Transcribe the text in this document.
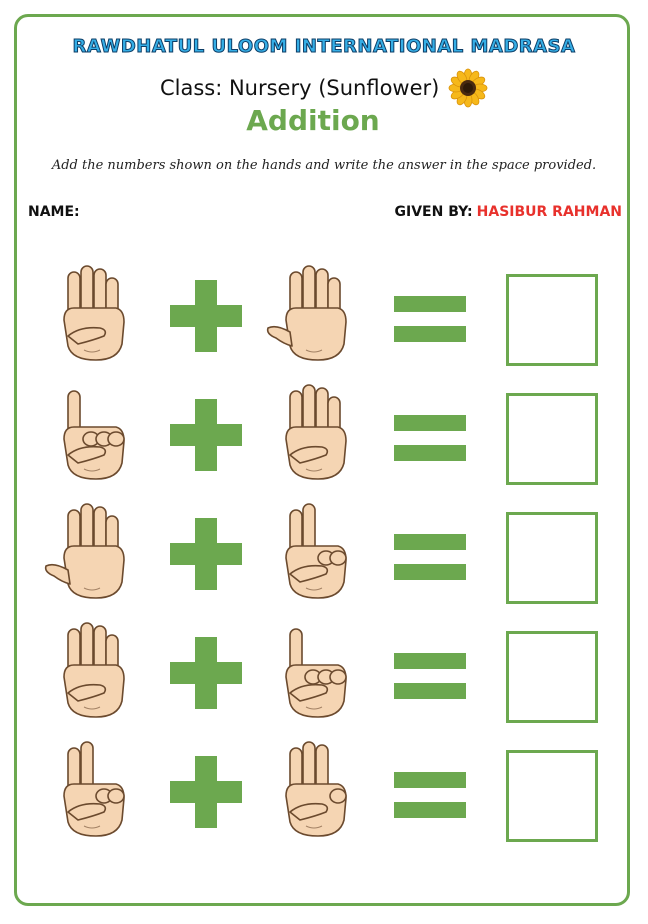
RAWDHATUL ULOOM INTERNATIONAL MADRASA
Class: Nursery (Sunflower)
Addition
Add the numbers shown on the hands and write the answer in the space provided.
NAME:	GIVEN BY: HASIBUR RAHMAN
